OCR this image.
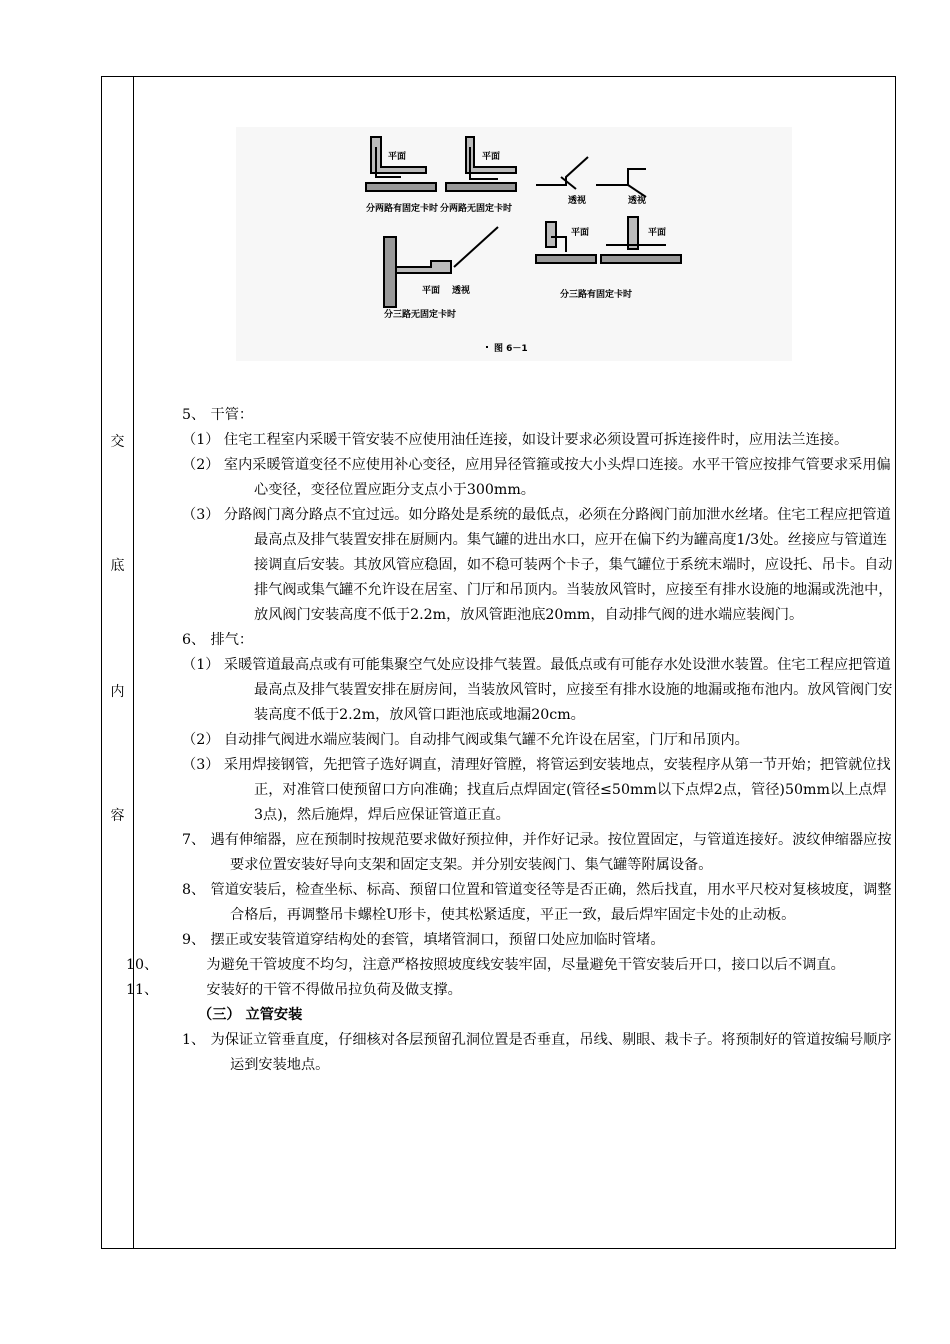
交
底
内
容
平面	平面
分两路有固定卡时 分两路无固定卡时
透视	透视
平面	平面
平面 透视	分三路有固定卡时
分三路无固定卡时
图 6－1
5、 干管：
（1） 住宅工程室内采暖干管安装不应使用油任连接，如设计要求必须设置可拆连接件时，应用法兰连接。
（2） 室内采暖管道变径不应使用补心变径，应用异径管箍或按大小头焊口连接。水平干管应按排气管要求采用偏心变径，变径位置应距分支点小于300mm。
（3） 分路阀门离分路点不宜过远。如分路处是系统的最低点，必须在分路阀门前加泄水丝堵。住宅工程应把管道最高点及排气装置安排在厨厕内。集气罐的进出水口，应开在偏下约为罐高度1/3处。丝接应与管道连接调直后安装。其放风管应稳固，如不稳可装两个卡子，集气罐位于系统末端时，应设托、吊卡。自动排气阀或集气罐不允许设在居室、门厅和吊顶内。当装放风管时，应接至有排水设施的地漏或洗池中，放风阀门安装高度不低于2.2m，放风管距池底20mm，自动排气阀的进水端应装阀门。
6、 排气：
（1） 采暖管道最高点或有可能集聚空气处应设排气装置。最低点或有可能存水处设泄水装置。住宅工程应把管道最高点及排气装置安排在厨房间，当装放风管时，应接至有排水设施的地漏或拖布池内。放风管阀门安装高度不低于2.2m，放风管口距池底或地漏20cm。
（2） 自动排气阀进水端应装阀门。自动排气阀或集气罐不允许设在居室，门厅和吊顶内。
（3） 采用焊接钢管，先把管子选好调直，清理好管膛，将管运到安装地点，安装程序从第一节开始；把管就位找正，对准管口使预留口方向准确；找直后点焊固定(管径≤50mm以下点焊2点，管径)50mm以上点焊3点)，然后施焊，焊后应保证管道正直。
7、 遇有伸缩器，应在预制时按规范要求做好预拉伸，并作好记录。按位置固定，与管道连接好。波纹伸缩器应按要求位置安装好导向支架和固定支架。并分别安装阀门、集气罐等附属设备。
8、 管道安装后，检查坐标、标高、预留口位置和管道变径等是否正确，然后找直，用水平尺校对复核坡度，调整合格后，再调整吊卡螺栓U形卡，使其松紧适度，平正一致，最后焊牢固定卡处的止动板。
9、 摆正或安装管道穿结构处的套管，填堵管洞口，预留口处应加临时管堵。
10、　　	为避免干管坡度不均匀，注意严格按照坡度线安装牢固，尽量避免干管安装后开口，接口以后不调直。
11、　　	安装好的干管不得做吊拉负荷及做支撑。
（三） 立管安装
1、 为保证立管垂直度，仔细核对各层预留孔洞位置是否垂直，吊线、剔眼、栽卡子。将预制好的管道按编号顺序运到安装地点。
